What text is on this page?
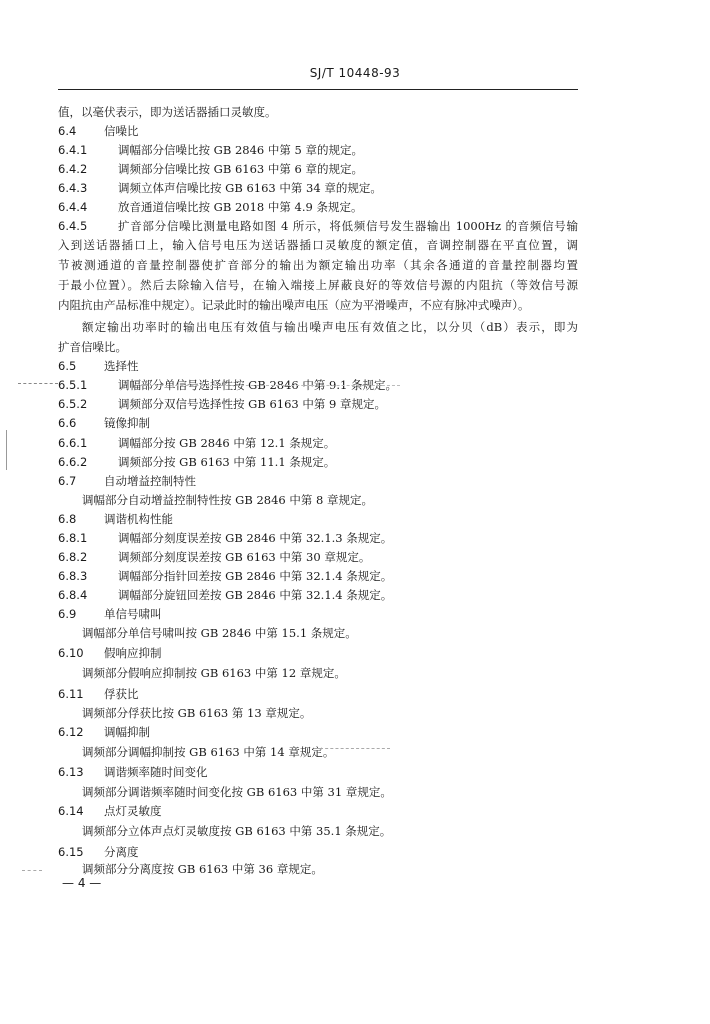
SJ/T 10448-93
值，以毫伏表示，即为送话器插口灵敏度。
6.4 信噪比
6.4.1	调幅部分信噪比按 GB 2846 中第 5 章的规定。
6.4.2	调频部分信噪比按 GB 6163 中第 6 章的规定。
6.4.3	调频立体声信噪比按 GB 6163 中第 34 章的规定。
6.4.4	放音通道信噪比按 GB 2018 中第 4.9 条规定。
6.4.5	扩音部分信噪比测量电路如图 4 所示，将低频信号发生器输出 1000Hz 的音频信号输
入到送话器插口上，输入信号电压为送话器插口灵敏度的额定值，音调控制器在平直位置，调
节被测通道的音量控制器使扩音部分的输出为额定输出功率（其余各通道的音量控制器均置
于最小位置）。然后去除输入信号，在输入端接上屏蔽良好的等效信号源的内阻抗（等效信号源
内阻抗由产品标准中规定）。记录此时的输出噪声电压（应为平滑噪声，不应有脉冲式噪声）。
额定输出功率时的输出电压有效值与输出噪声电压有效值之比，以分贝（dB）表示，即为
扩音信噪比。
6.5 选择性
6.5.1	调幅部分单信号选择性按 GB 2846 中第 9.1 条规定。
6.5.2	调频部分双信号选择性按 GB 6163 中第 9 章规定。
6.6 镜像抑制
6.6.1	调幅部分按 GB 2846 中第 12.1 条规定。
6.6.2	调频部分按 GB 6163 中第 11.1 条规定。
6.7 自动增益控制特性
调幅部分自动增益控制特性按 GB 2846 中第 8 章规定。
6.8 调谐机构性能
6.8.1	调幅部分刻度误差按 GB 2846 中第 32.1.3 条规定。
6.8.2	调频部分刻度误差按 GB 6163 中第 30 章规定。
6.8.3	调幅部分指针回差按 GB 2846 中第 32.1.4 条规定。
6.8.4	调幅部分旋钮回差按 GB 2846 中第 32.1.4 条规定。
6.9 单信号啸叫
调幅部分单信号啸叫按 GB 2846 中第 15.1 条规定。
6.10 假响应抑制
调频部分假响应抑制按 GB 6163 中第 12 章规定。
6.11 俘获比
调频部分俘获比按 GB 6163 第 13 章规定。
6.12 调幅抑制
调频部分调幅抑制按 GB 6163 中第 14 章规定。
6.13 调谐频率随时间变化
调频部分调谐频率随时间变化按 GB 6163 中第 31 章规定。
6.14 点灯灵敏度
调频部分立体声点灯灵敏度按 GB 6163 中第 35.1 条规定。
6.15 分离度
调频部分分离度按 GB 6163 中第 36 章规定。
— 4 —
